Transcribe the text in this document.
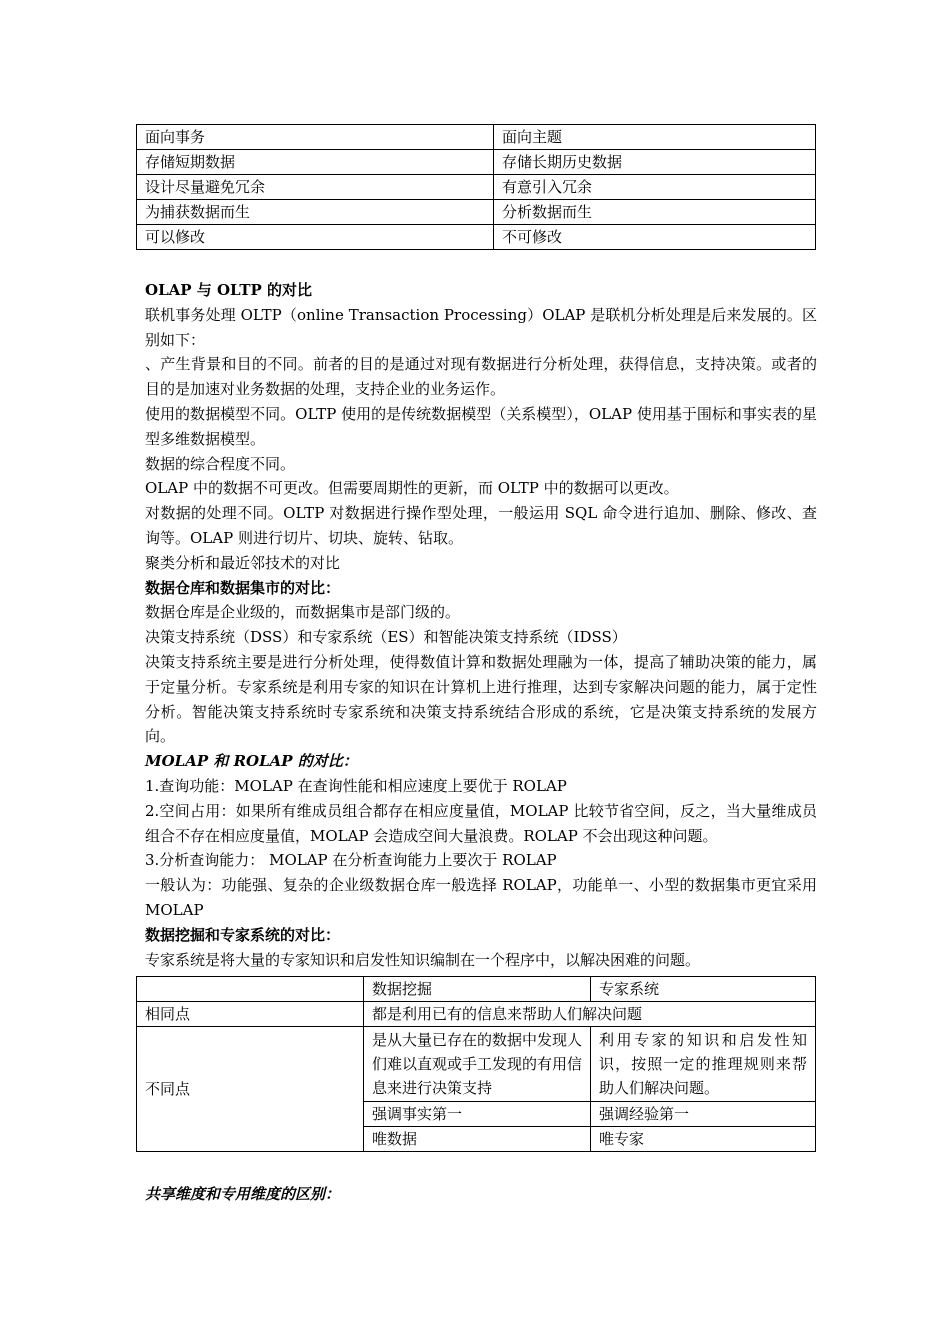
面向事务	面向主题
存储短期数据	存储长期历史数据
设计尽量避免冗余	有意引入冗余
为捕获数据而生	分析数据而生
可以修改	不可修改
OLAP 与 OLTP 的对比
联机事务处理 OLTP（online Transaction Processing）OLAP 是联机分析处理是后来发展的。区别如下：
、产生背景和目的不同。前者的目的是通过对现有数据进行分析处理，获得信息，支持决策。或者的目的是加速对业务数据的处理，支持企业的业务运作。
使用的数据模型不同。OLTP 使用的是传统数据模型（关系模型），OLAP 使用基于围标和事实表的星型多维数据模型。
数据的综合程度不同。
OLAP 中的数据不可更改。但需要周期性的更新，而 OLTP 中的数据可以更改。
对数据的处理不同。OLTP 对数据进行操作型处理，一般运用 SQL 命令进行追加、删除、修改、查询等。OLAP 则进行切片、切块、旋转、钻取。
聚类分析和最近邻技术的对比
数据仓库和数据集市的对比：
数据仓库是企业级的，而数据集市是部门级的。
决策支持系统（DSS）和专家系统（ES）和智能决策支持系统（IDSS）
决策支持系统主要是进行分析处理，使得数值计算和数据处理融为一体，提高了辅助决策的能力，属于定量分析。专家系统是利用专家的知识在计算机上进行推理，达到专家解决问题的能力，属于定性分析。智能决策支持系统时专家系统和决策支持系统结合形成的系统，它是决策支持系统的发展方向。
MOLAP 和 ROLAP 的对比：
1.查询功能：MOLAP 在查询性能和相应速度上要优于 ROLAP
2.空间占用：如果所有维成员组合都存在相应度量值，MOLAP 比较节省空间，反之，当大量维成员组合不存在相应度量值，MOLAP 会造成空间大量浪费。ROLAP 不会出现这种问题。
3.分析查询能力： MOLAP 在分析查询能力上要次于 ROLAP
一般认为：功能强、复杂的企业级数据仓库一般选择 ROLAP，功能单一、小型的数据集市更宜采用 MOLAP
数据挖掘和专家系统的对比：
专家系统是将大量的专家知识和启发性知识编制在一个程序中，以解决困难的问题。
	数据挖掘	专家系统
相同点	都是利用已有的信息来帮助人们解决问题	
不同点	是从大量已存在的数据中发现人们难以直观或手工发现的有用信息来进行决策支持	利用专家的知识和启发性知识，按照一定的推理规则来帮助人们解决问题。
	强调事实第一	强调经验第一
	唯数据	唯专家
共享维度和专用维度的区别：
